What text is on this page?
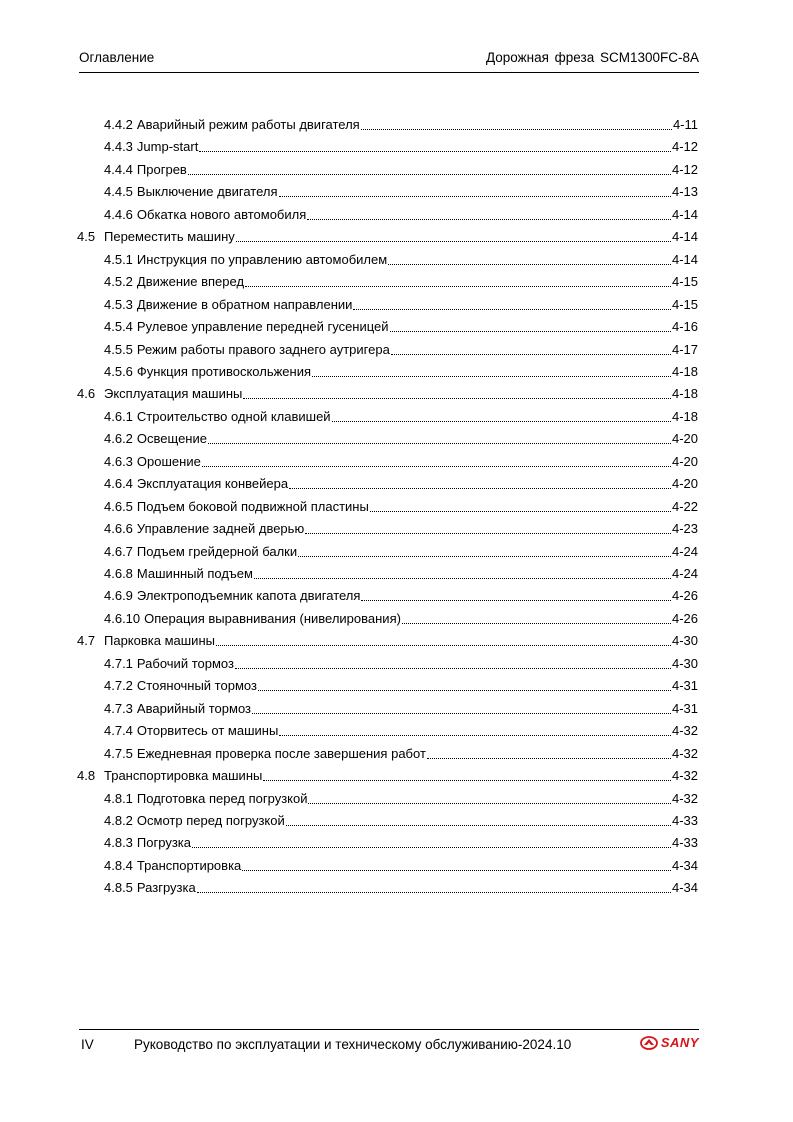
Оглавление	Дорожная фреза SCM1300FC-8A
4.4.2 Аварийный режим работы двигателя	4-11
4.4.3 Jump-start	4-12
4.4.4 Прогрев	4-12
4.4.5 Выключение двигателя	4-13
4.4.6 Обкатка нового автомобиля	4-14
4.5 Переместить машину	4-14
4.5.1 Инструкция по управлению автомобилем	4-14
4.5.2 Движение вперед	4-15
4.5.3 Движение в обратном направлении	4-15
4.5.4 Рулевое управление передней гусеницей	4-16
4.5.5 Режим работы правого заднего аутригера	4-17
4.5.6 Функция противоскольжения	4-18
4.6 Эксплуатация машины	4-18
4.6.1 Строительство одной клавишей	4-18
4.6.2 Освещение	4-20
4.6.3 Орошение	4-20
4.6.4 Эксплуатация конвейера	4-20
4.6.5 Подъем боковой подвижной пластины	4-22
4.6.6 Управление задней дверью	4-23
4.6.7 Подъем грейдерной балки	4-24
4.6.8 Машинный подъем	4-24
4.6.9 Электроподъемник капота двигателя	4-26
4.6.10 Операция выравнивания (нивелирования)	4-26
4.7 Парковка машины	4-30
4.7.1 Рабочий тормоз	4-30
4.7.2 Стояночный тормоз	4-31
4.7.3 Аварийный тормоз	4-31
4.7.4 Оторвитесь от машины	4-32
4.7.5 Ежедневная проверка после завершения работ	4-32
4.8 Транспортировка машины	4-32
4.8.1 Подготовка перед погрузкой	4-32
4.8.2 Осмотр перед погрузкой	4-33
4.8.3 Погрузка	4-33
4.8.4 Транспортировка	4-34
4.8.5 Разгрузка	4-34
IV	Руководство по эксплуатации и техническому обслуживанию-2024.10	SANY
